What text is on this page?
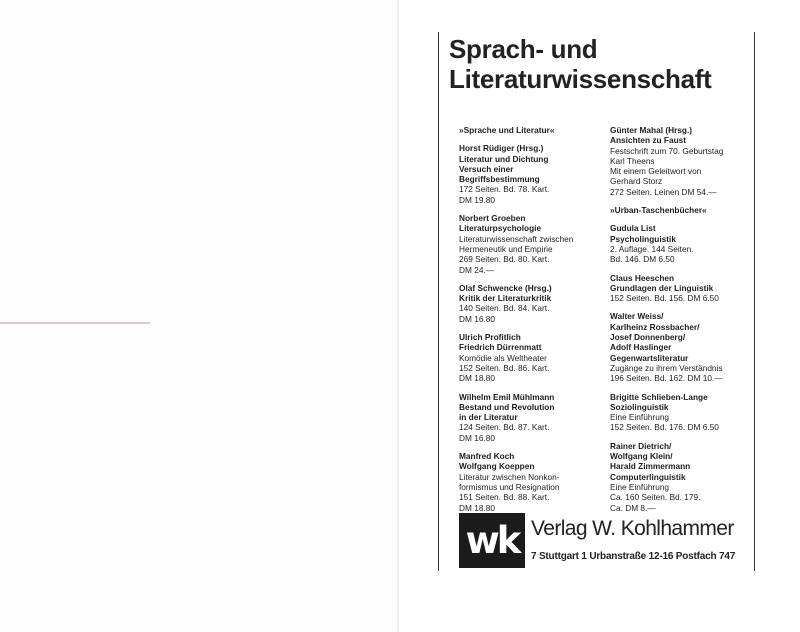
Sprach- und
Literaturwissenschaft
»Sprache und Literatur«
Horst Rüdiger (Hrsg.)
Literatur und Dichtung
Versuch einer
Begriffsbestimmung
172 Seiten. Bd. 78. Kart.
DM 19.80
Norbert Groeben
Literaturpsychologie
Literaturwissenschaft zwischen
Hermeneutik und Empirie
269 Seiten. Bd. 80. Kart.
DM 24.—
Olaf Schwencke (Hrsg.)
Kritik der Literaturkritik
140 Seiten. Bd. 84. Kart.
DM 16.80
Ulrich Profitlich
Friedrich Dürrenmatt
Komödie als Weltheater
152 Seiten. Bd. 86. Kart.
DM 18.80
Wilhelm Emil Mühlmann
Bestand und Revolution
in der Literatur
124 Seiten. Bd. 87. Kart.
DM 16.80
Manfred Koch
Wolfgang Koeppen
Literatur zwischen Nonkon-
formismus und Resignation
151 Seiten. Bd. 88. Kart.
DM 18.80
Günter Mahal (Hrsg.)
Ansichten zu Faust
Festschrift zum 70. Geburtstag
Karl Theens
Mit einem Geleitwort von
Gerhard Storz
272 Seiten. Leinen DM 54.—
»Urban-Taschenbücher«
Gudula List
Psycholinguistik
2. Auflage. 144 Seiten.
Bd. 146. DM 6.50
Claus Heeschen
Grundlagen der Linguistik
152 Seiten. Bd. 156. DM 6.50
Walter Weiss/
Karlheinz Rossbacher/
Josef Donnenberg/
Adolf Haslinger
Gegenwartsliteratur
Zugänge zu ihrem Verständnis
196 Seiten. Bd. 162. DM 10.—
Brigitte Schlieben-Lange
Soziolinguistik
Eine Einführung
152 Seiten. Bd. 176. DM 6.50
Rainer Dietrich/
Wolfgang Klein/
Harald Zimmermann
Computerlinguistik
Eine Einführung
Ca. 160 Seiten. Bd. 179.
Ca. DM 8.—
wk Verlag W. Kohlhammer
7 Stuttgart 1 Urbanstraße 12-16 Postfach 747
